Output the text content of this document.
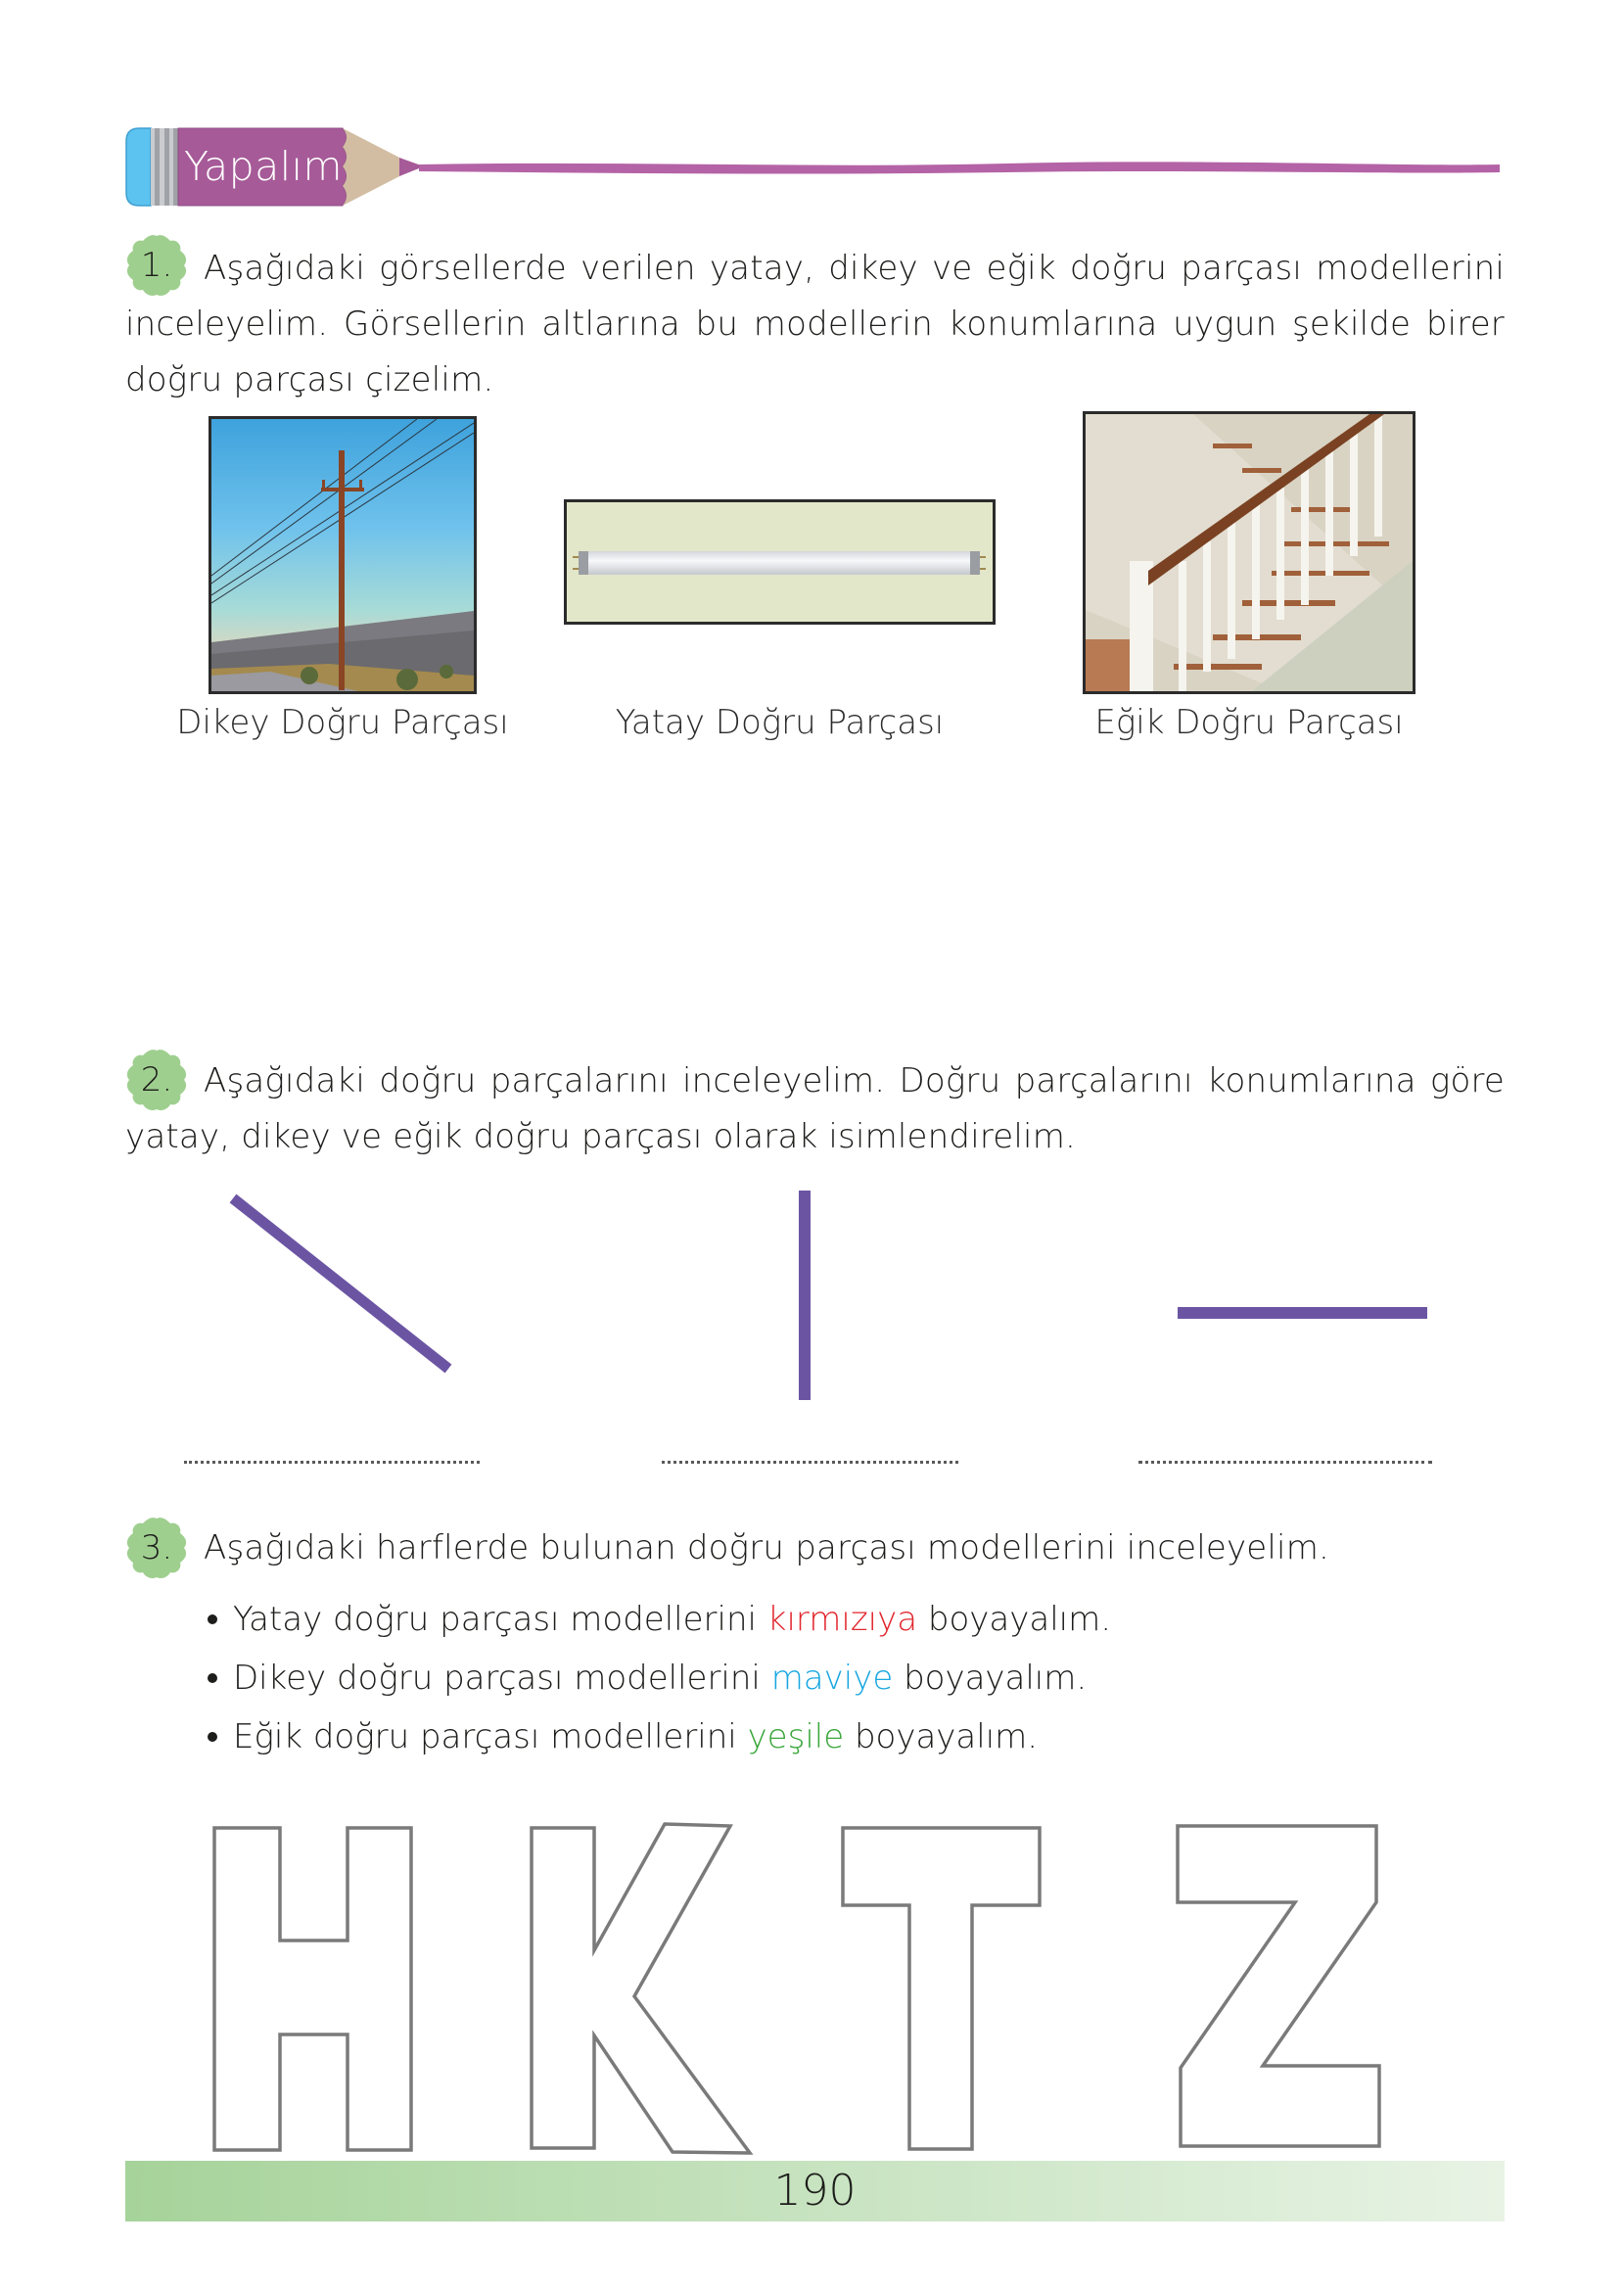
Yapalım
1. Aşağıdaki görsellerde verilen yatay, dikey ve eğik doğru parçası modellerini

inceleyelim. Görsellerin altlarına bu modellerin konumlarına uygun şekilde birer

doğru parçası çizelim.

Dikey Doğru Parçası	Yatay Doğru Parçası	Eğik Doğru Parçası
2. Aşağıdaki doğru parçalarını inceleyelim. Doğru parçalarını konumlarına göre

yatay, dikey ve eğik doğru parçası olarak isimlendirelim.

3. Aşağıdaki harflerde bulunan doğru parçası modellerini inceleyelim.
Yatay doğru parçası modellerini
kırmızıya
boyayalım.
Dikey doğru parçası modellerini
maviye
boyayalım.
Eğik doğru parçası modellerini
yeşile
boyayalım.
190
